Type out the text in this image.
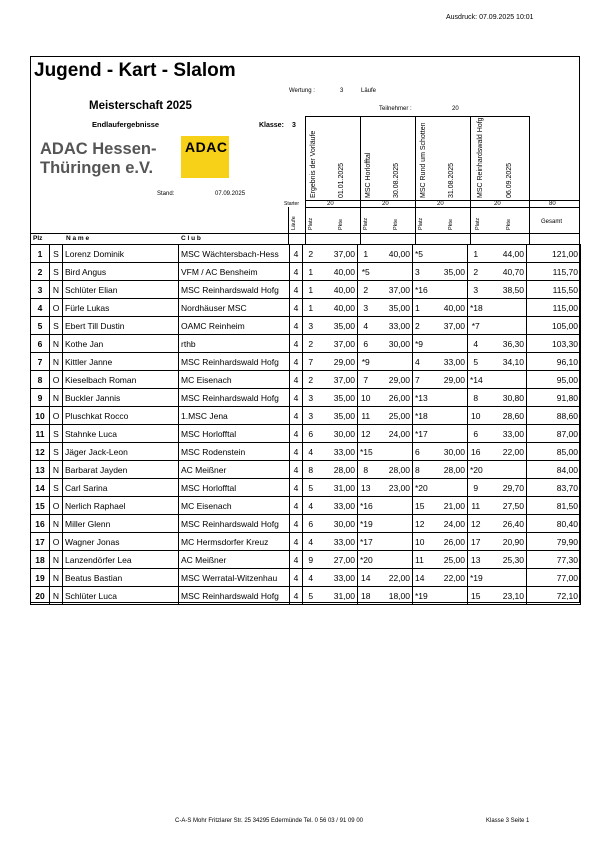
Ausdruck: 07.09.2025 10:01
Jugend - Kart - Slalom
Wertung :	3	Läufe
Meisterschaft 2025	Teilnehmer :	20
Endlaufergebnisse	Klasse: 3
ADAC Hessen-
Thüringen e.V.
ADAC
Stand:	07.09.2025	Ergebnis der Vorläufe	01.01.2025	MSC Horlofftal	30.08.2025	MSC Rund um Schotten	31.08.2025	MSC Reinhardswald Hofg	06.09.2025
Starter	20	20	20	20	80
Läufe Platz	Pkte	Platz	Pkte	Platz	Pkte	Platz	Pkte	Gesamt
Plz	N a m e	C l u b
1	S	Lorenz Dominik	MSC Wächtersbach-Hess	4	2	37,00	1	40,00	*5		1	44,00	121,00
2	S	Bird Angus	VFM / AC Bensheim	4	1	40,00	*5		3	35,00	2	40,70	115,70
3	N	Schlüter Elian	MSC Reinhardswald Hofg	4	1	40,00	2	37,00	*16		3	38,50	115,50
4	O	Fürle Lukas	Nordhäuser MSC	4	1	40,00	3	35,00	1	40,00	*18		115,00
5	S	Ebert Till Dustin	OAMC Reinheim	4	3	35,00	4	33,00	2	37,00	*7		105,00
6	N	Kothe Jan	rthb	4	2	37,00	6	30,00	*9		4	36,30	103,30
7	N	Kittler Janne	MSC Reinhardswald Hofg	4	7	29,00	*9		4	33,00	5	34,10	96,10
8	O	Kieselbach Roman	MC Eisenach	4	2	37,00	7	29,00	7	29,00	*14		95,00
9	N	Buckler Jannis	MSC Reinhardswald Hofg	4	3	35,00	10	26,00	*13		8	30,80	91,80
10	O	Pluschkat Rocco	1.MSC Jena	4	3	35,00	11	25,00	*18		10	28,60	88,60
11	S	Stahnke Luca	MSC Horlofftal	4	6	30,00	12	24,00	*17		6	33,00	87,00
12	S	Jäger Jack-Leon	MSC Rodenstein	4	4	33,00	*15		6	30,00	16	22,00	85,00
13	N	Barbarat Jayden	AC Meißner	4	8	28,00	8	28,00	8	28,00	*20		84,00
14	S	Carl Sarina	MSC Horlofftal	4	5	31,00	13	23,00	*20		9	29,70	83,70
15	O	Nerlich Raphael	MC Eisenach	4	4	33,00	*16		15	21,00	11	27,50	81,50
16	N	Miller Glenn	MSC Reinhardswald Hofg	4	6	30,00	*19		12	24,00	12	26,40	80,40
17	O	Wagner Jonas	MC Hermsdorfer Kreuz	4	4	33,00	*17		10	26,00	17	20,90	79,90
18	N	Lanzendörfer Lea	AC Meißner	4	9	27,00	*20		11	25,00	13	25,30	77,30
19	N	Beatus Bastian	MSC Werratal-Witzenhau	4	4	33,00	14	22,00	14	22,00	*19		77,00
20	N	Schlüter Luca	MSC Reinhardswald Hofg	4	5	31,00	18	18,00	*19		15	23,10	72,10
C-A-S Mohr Fritzlarer Str. 25 34295 Edermünde Tel. 0 56 03 / 91 09 00	Klasse 3 Seite 1
